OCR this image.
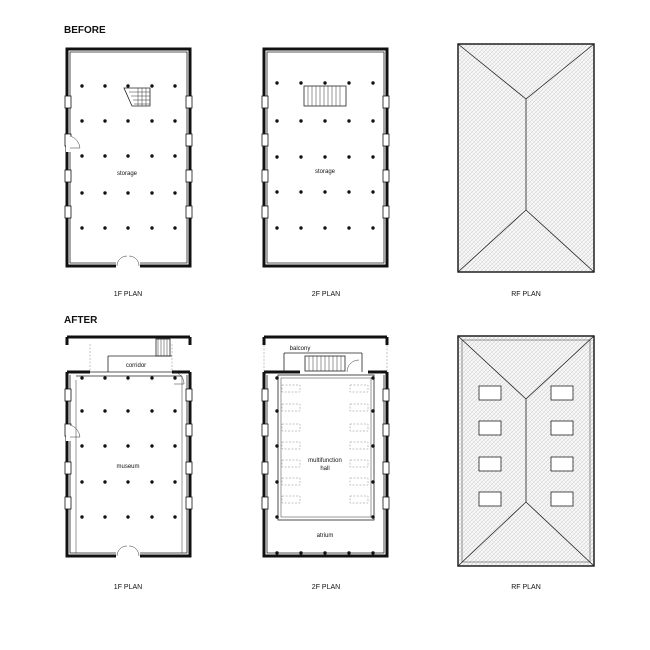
BEFORE
AFTER
storage
1F PLAN
storage
2F PLAN	RF PLAN
corridor
museum
1F PLAN
balcony
multifunction
hall
atrium
2F PLAN	RF PLAN
